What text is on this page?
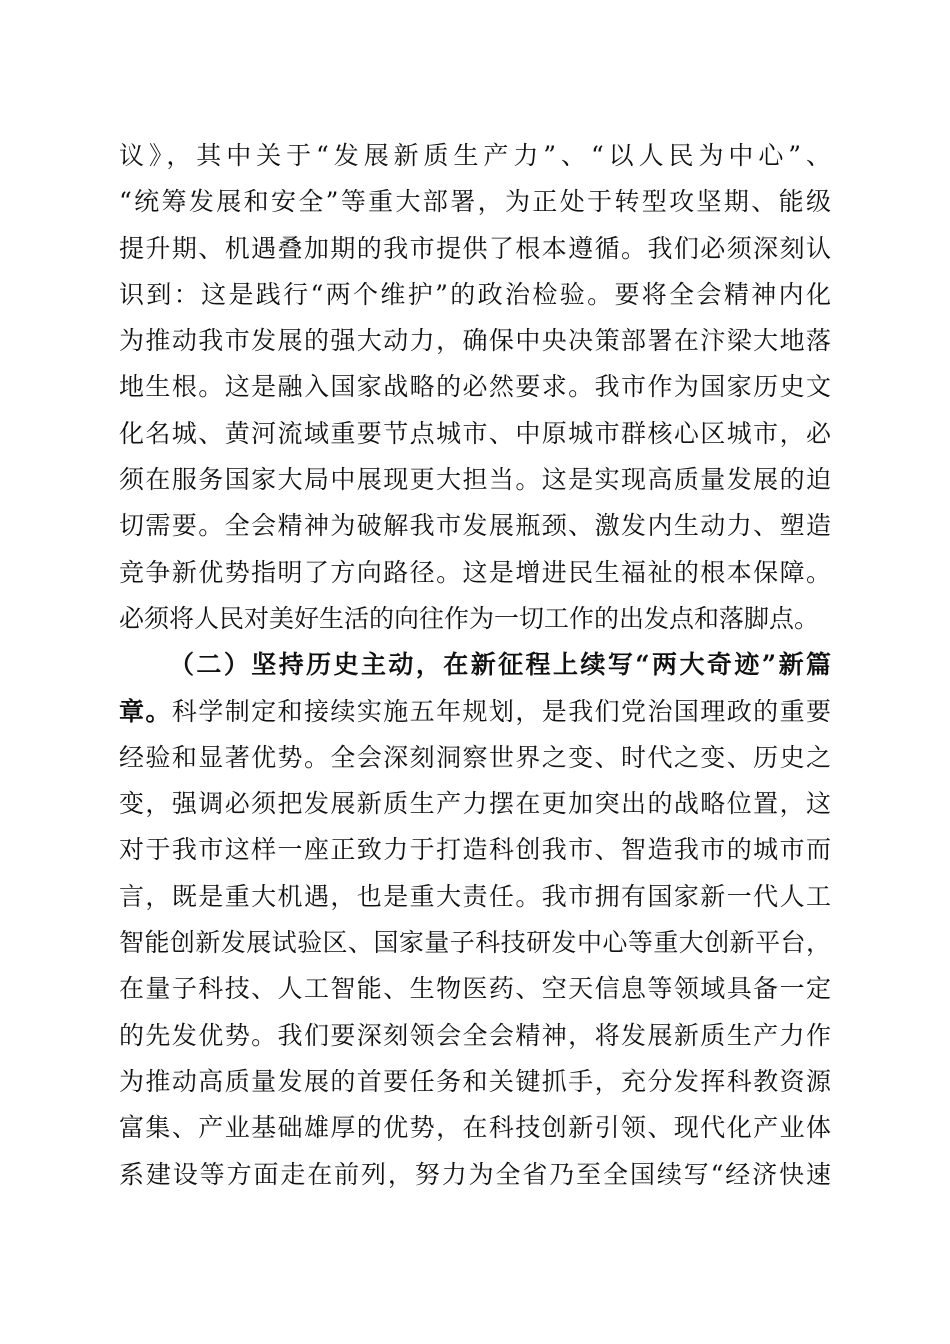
议》，其中关于“发展新质生产力”、“以人民为中心”、
“统筹发展和安全”等重大部署，为正处于转型攻坚期、能级
提升期、机遇叠加期的我市提供了根本遵循。我们必须深刻认
识到：这是践行“两个维护”的政治检验。要将全会精神内化
为推动我市发展的强大动力，确保中央决策部署在汴梁大地落
地生根。这是融入国家战略的必然要求。我市作为国家历史文
化名城、黄河流域重要节点城市、中原城市群核心区城市，必
须在服务国家大局中展现更大担当。这是实现高质量发展的迫
切需要。全会精神为破解我市发展瓶颈、激发内生动力、塑造
竞争新优势指明了方向路径。这是增进民生福祉的根本保障。
必须将人民对美好生活的向往作为一切工作的出发点和落脚点。
（二）坚持历史主动，在新征程上续写“两大奇迹”新篇
章。科学制定和接续实施五年规划，是我们党治国理政的重要
经验和显著优势。全会深刻洞察世界之变、时代之变、历史之
变，强调必须把发展新质生产力摆在更加突出的战略位置，这
对于我市这样一座正致力于打造科创我市、智造我市的城市而
言，既是重大机遇，也是重大责任。我市拥有国家新一代人工
智能创新发展试验区、国家量子科技研发中心等重大创新平台，
在量子科技、人工智能、生物医药、空天信息等领域具备一定
的先发优势。我们要深刻领会全会精神，将发展新质生产力作
为推动高质量发展的首要任务和关键抓手，充分发挥科教资源
富集、产业基础雄厚的优势，在科技创新引领、现代化产业体
系建设等方面走在前列，努力为全省乃至全国续写“经济快速
